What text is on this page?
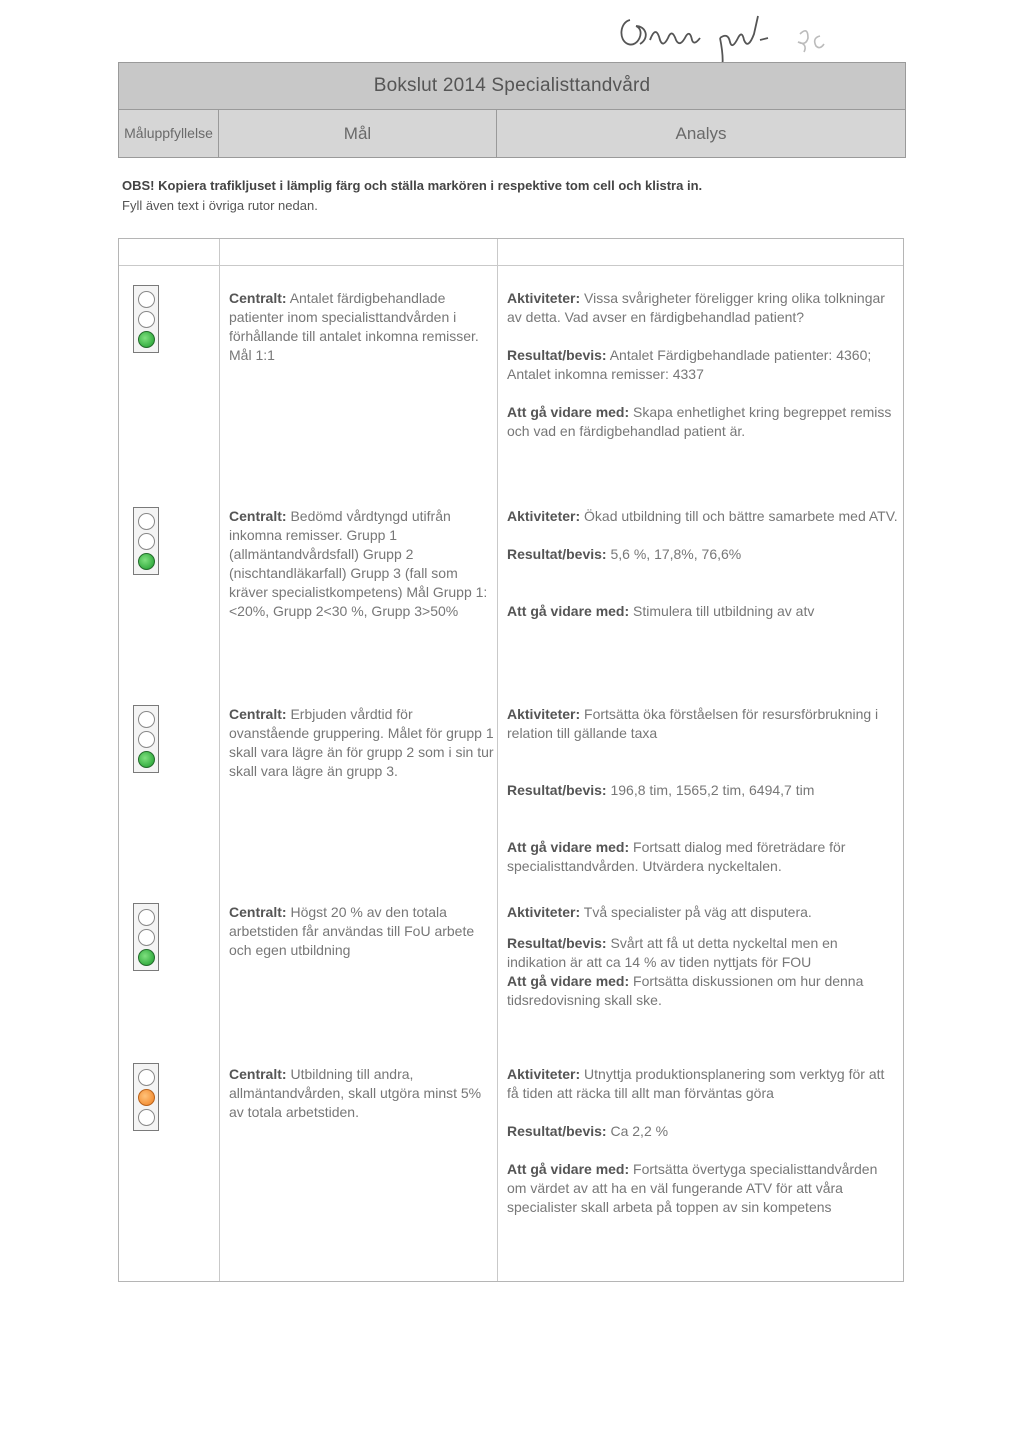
Bokslut 2014 Specialisttandvård
Måluppfyllelse	Mål	Analys
OBS! Kopiera trafikljuset i lämplig färg och ställa markören i respektive tom cell och klistra in.
Fyll även text i övriga rutor nedan.
Centralt: Antalet färdigbehandlade patienter inom specialisttandvården i förhållande till antalet inkomna remisser. Mål 1:1

Aktiviteter: Vissa svårigheter föreligger kring olika tolkningar av detta. Vad avser en färdigbehandlad patient?

Resultat/bevis: Antalet Färdigbehandlade patienter: 4360; Antalet inkomna remisser: 4337

Att gå vidare med: Skapa enhetlighet kring begreppet remiss och vad en färdigbehandlad patient är.

Centralt: Bedömd vårdtyngd utifrån inkomna remisser. Grupp 1 (allmäntandvårdsfall) Grupp 2 (nischtandläkarfall) Grupp 3 (fall som kräver specialistkompetens) Mål Grupp 1: <20%, Grupp 2<30 %, Grupp 3>50%

Aktiviteter: Ökad utbildning till och bättre samarbete med ATV.

Resultat/bevis: 5,6 %, 17,8%, 76,6%

Att gå vidare med: Stimulera till utbildning av atv

Centralt: Erbjuden vårdtid för ovanstående gruppering. Målet för grupp 1 skall vara lägre än för grupp 2 som i sin tur skall vara lägre än grupp 3.

Aktiviteter: Fortsätta öka förståelsen för resursförbrukning i relation till gällande taxa

Resultat/bevis: 196,8 tim, 1565,2 tim, 6494,7 tim

Att gå vidare med: Fortsatt dialog med företrädare för specialisttandvården. Utvärdera nyckeltalen.

Centralt: Högst 20 % av den totala arbetstiden får användas till FoU arbete och egen utbildning

Aktiviteter: Två specialister på väg att disputera.

Resultat/bevis: Svårt att få ut detta nyckeltal men en indikation är att ca 14 % av tiden nyttjats för FOU

Att gå vidare med: Fortsätta diskussionen om hur denna tidsredovisning skall ske.

Centralt: Utbildning till andra, allmäntandvården, skall utgöra minst 5% av totala arbetstiden.

Aktiviteter: Utnyttja produktionsplanering som verktyg för att få tiden att räcka till allt man förväntas göra

Resultat/bevis: Ca 2,2 %

Att gå vidare med: Fortsätta övertyga specialisttandvården om värdet av att ha en väl fungerande ATV för att våra specialister skall arbeta på toppen av sin kompetens
